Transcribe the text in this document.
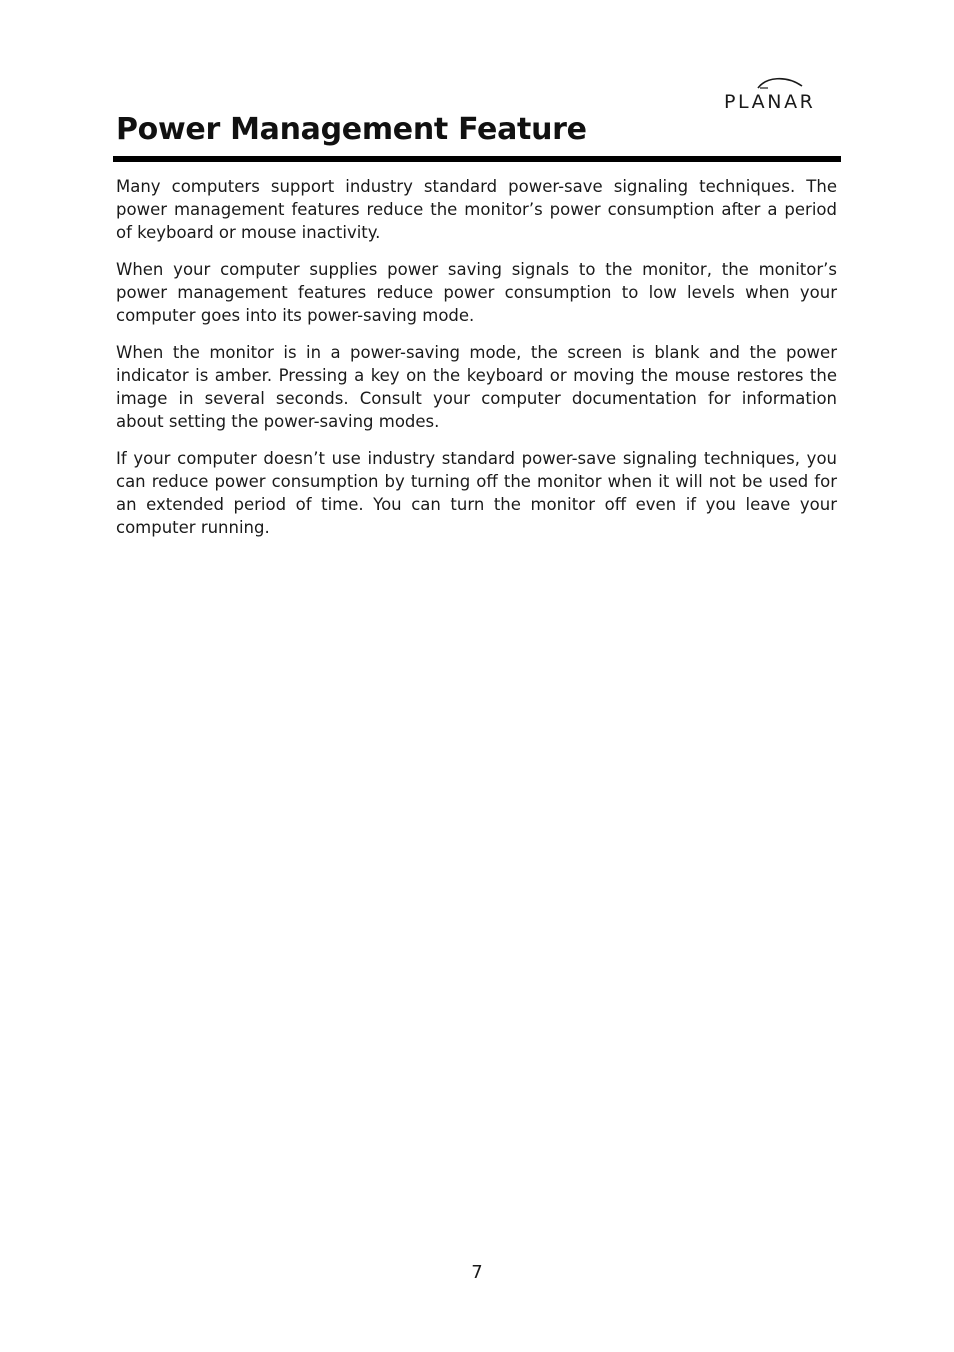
PLANAR
Power Management Feature

Many computers support industry standard power-save signaling techniques. The power management features reduce the monitor’s power consumption after a period of keyboard or mouse inactivity.

When your computer supplies power saving signals to the monitor, the monitor’s power management features reduce power consumption to low levels when your computer goes into its power-saving mode.

When the monitor is in a power-saving mode, the screen is blank and the power indicator is amber. Pressing a key on the keyboard or moving the mouse restores the image in several seconds. Consult your computer documentation for information about setting the power-saving modes.

If your computer doesn’t use industry standard power-save signaling techniques, you can reduce power consumption by turning off the monitor when it will not be used for an extended period of time. You can turn the monitor off even if you leave your computer running.

7
